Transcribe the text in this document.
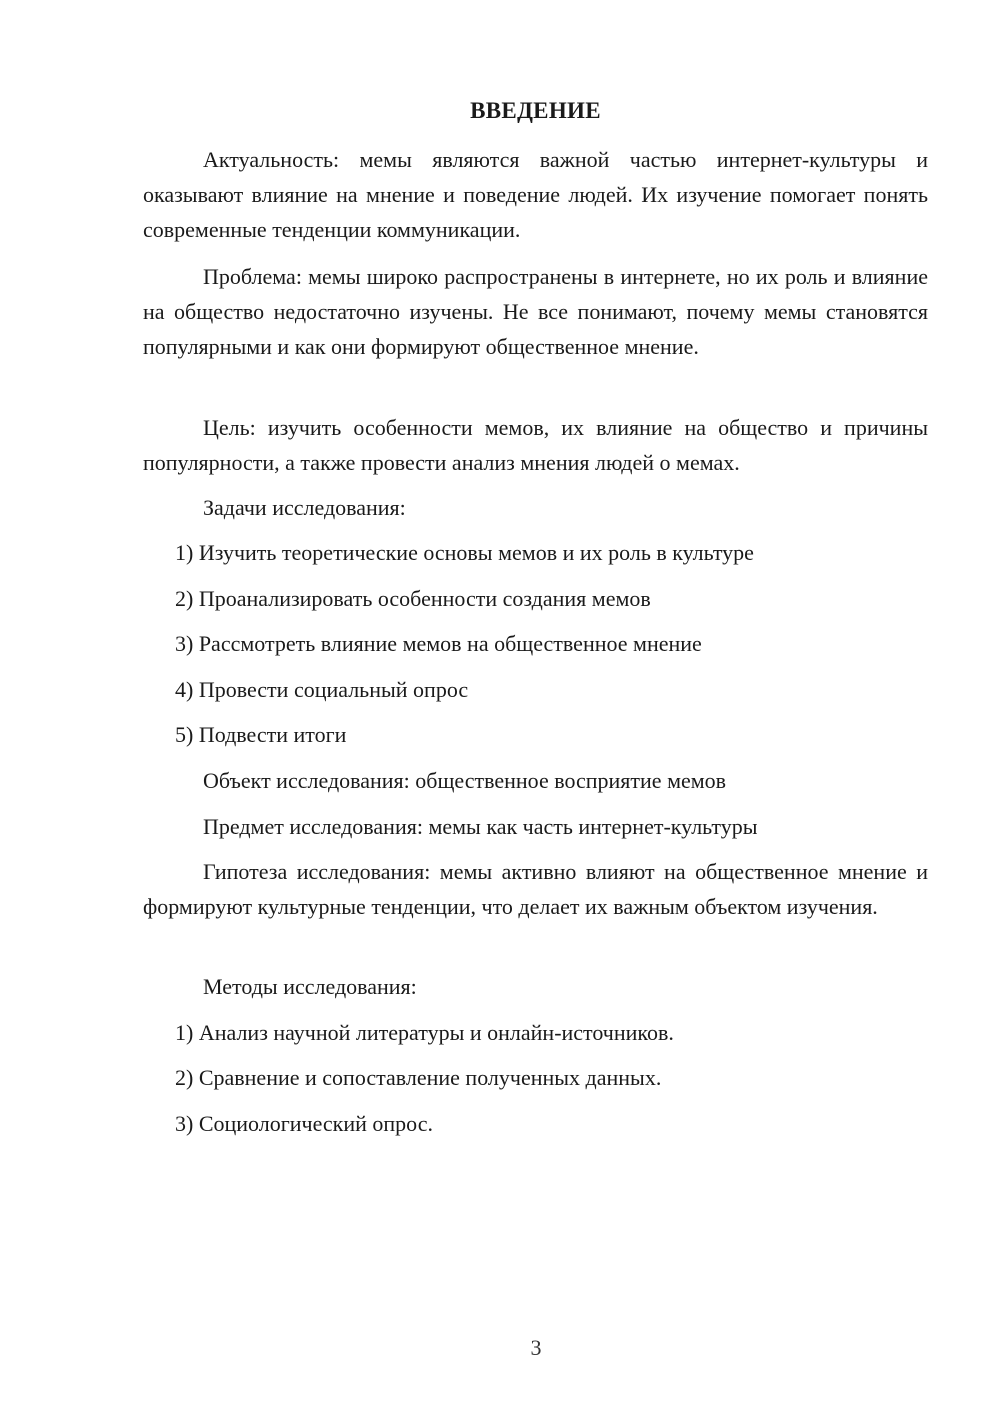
ВВЕДЕНИЕ
Актуальность: мемы являются важной частью интернет-культуры и оказывают влияние на мнение и поведение людей. Их изучение помогает понять современные тенденции коммуникации.
Проблема: мемы широко распространены в интернете, но их роль и влияние на общество недостаточно изучены. Не все понимают, почему мемы становятся популярными и как они формируют общественное мнение.
Цель: изучить особенности мемов, их влияние на общество и причины популярности, а также провести анализ мнения людей о мемах.
Задачи исследования:
1) Изучить теоретические основы мемов и их роль в культуре
2) Проанализировать особенности создания мемов
3) Рассмотреть влияние мемов на общественное мнение
4) Провести социальный опрос
5) Подвести итоги
Объект исследования: общественное восприятие мемов
Предмет исследования: мемы как часть интернет-культуры
Гипотеза исследования: мемы активно влияют на общественное мнение и формируют культурные тенденции, что делает их важным объектом изучения.
Методы исследования:
1) Анализ научной литературы и онлайн-источников.
2) Сравнение и сопоставление полученных данных.
3) Социологический опрос.
3
